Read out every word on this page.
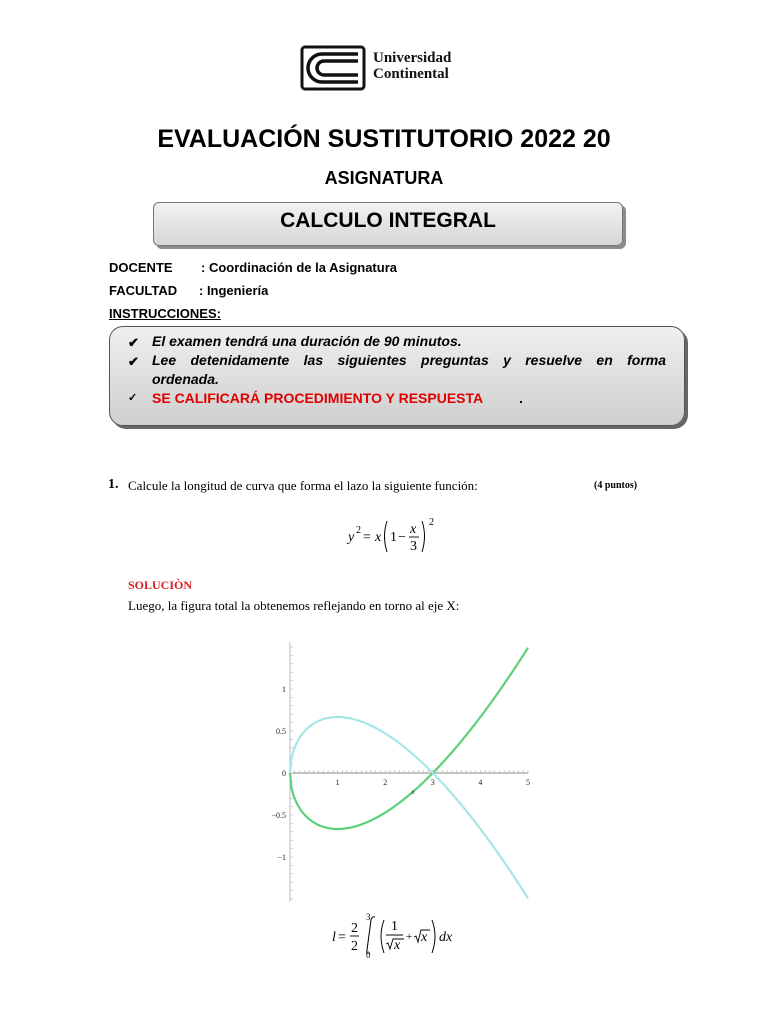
Universidad
Continental
EVALUACIÓN SUSTITUTORIO 2022 20
ASIGNATURA
CALCULO INTEGRAL
DOCENTE : Coordinación de la Asignatura
FACULTAD : Ingeniería
INSTRUCCIONES:
✔ El examen tendrá una duración de 90 minutos.
✔ Lee detenidamente las siguientes preguntas y resuelve en forma
ordenada.
✓ SE CALIFICARÁ PROCEDIMIENTO Y RESPUESTA	.
1. Calcule la longitud de curva que forma el lazo la siguiente función:	(4 puntos)
y 2 = x 1 −
x
3
2
SOLUCIÒN
Luego, la figura total la obtenemos reflejando en torno al eje X:
1	2	3	4	5
1
0.5
0
−0.5
−1
x
l =
2
2
3
0
1
x
+ x dx
